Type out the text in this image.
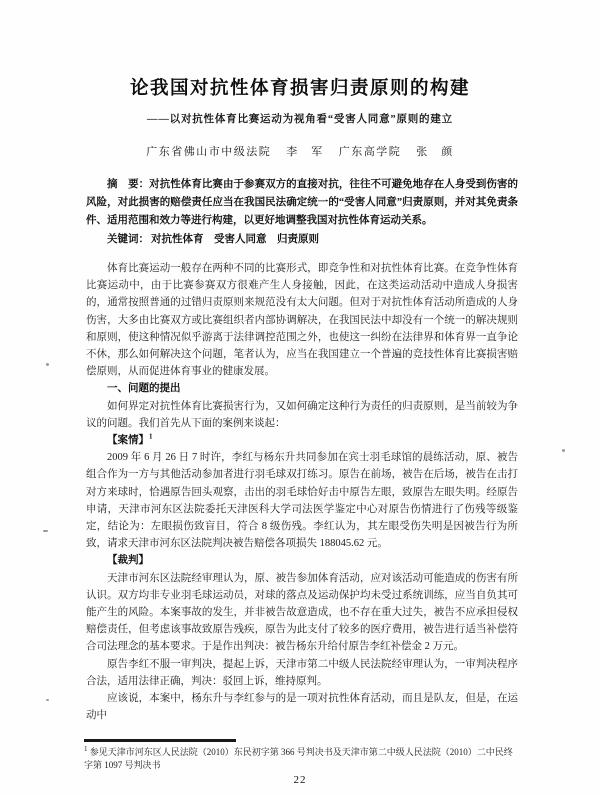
论我国对抗性体育损害归责原则的构建
——以对抗性体育比赛运动为视角看“受害人同意”原则的建立
广东省佛山市中级法院 李　军 广东高学院 张　颜

摘　要：对抗性体育比赛由于参赛双方的直接对抗，往往不可避免地存在人身受到伤害的风险，对此损害的赔偿责任应当在我国民法确定统一的“受害人同意”归责原则，并对其免责条件、适用范围和效力等进行构建，以更好地调整我国对抗性体育运动关系。

关键词： 对抗性体育　受害人同意　归责原则

体育比赛运动一般存在两种不同的比赛形式，即竞争性和对抗性体育比赛。在竞争性体育比赛运动中，由于比赛参赛双方很难产生人身接触，因此，在这类运动活动中造成人身损害的，通常按照普通的过错归责原则来规范没有太大问题。但对于对抗性体育活动所造成的人身伤害，大多由比赛双方或比赛组织者内部协调解决，在我国民法中却没有一个统一的解决规则和原则，使这种情况似乎游离于法律调控范围之外，也使这一纠纷在法律界和体育界一直争论不休，那么如何解决这个问题，笔者认为，应当在我国建立一个普遍的竞技性体育比赛损害赔偿原则，从而促进体育事业的健康发展。

一、问题的提出

如何界定对抗性体育比赛损害行为，又如何确定这种行为责任的归责原则，是当前较为争议的问题。我们首先从下面的案例来谈起：

【案情】$^1$

2009 年 6 月 26 日 7 时许，李红与杨东升共同参加在宾士羽毛球馆的晨练活动，原、被告组合作为一方与其他活动参加者进行羽毛球双打练习。原告在前场，被告在后场，被告在击打对方来球时，恰遇原告回头观察，击出的羽毛球恰好击中原告左眼，致原告左眼失明。经原告申请，天津市河东区法院委托天津医科大学司法医学鉴定中心对原告伤情进行了伤残等级鉴定，结论为：左眼损伤致盲目，符合 8 级伤残。李红认为，其左眼受伤失明是因被告行为所致，请求天津市河东区法院判决被告赔偿各项损失 188045.62 元。

【裁判】

天津市河东区法院经审理认为，原、被告参加体育活动，应对该活动可能造成的伤害有所认识。双方均非专业羽毛球运动员，对球的落点及运动保护均未受过系统训练，应当自负其可能产生的风险。本案事故的发生，并非被告故意造成，也不存在重大过失，被告不应承担侵权赔偿责任，但考虑该事故致原告残疾，原告为此支付了较多的医疗费用，被告进行适当补偿符合司法理念的基本要求。于是作出判决：被告杨东升给付原告李红补偿金 2 万元。

原告李红不服一审判决，提起上诉，天津市第二中级人民法院经审理认为，一审判决程序合法，适用法律正确，判决：驳回上诉，维持原判。

应该说，本案中，杨东升与李红参与的是一项对抗性体育活动，而且是队友，但是，在运动中

$^1$ 参见天津市河东区人民法院（2010）东民初字第 366 号判决书及天津市第二中级人民法院（2010）二中民终字第 1097 号判决书
22
